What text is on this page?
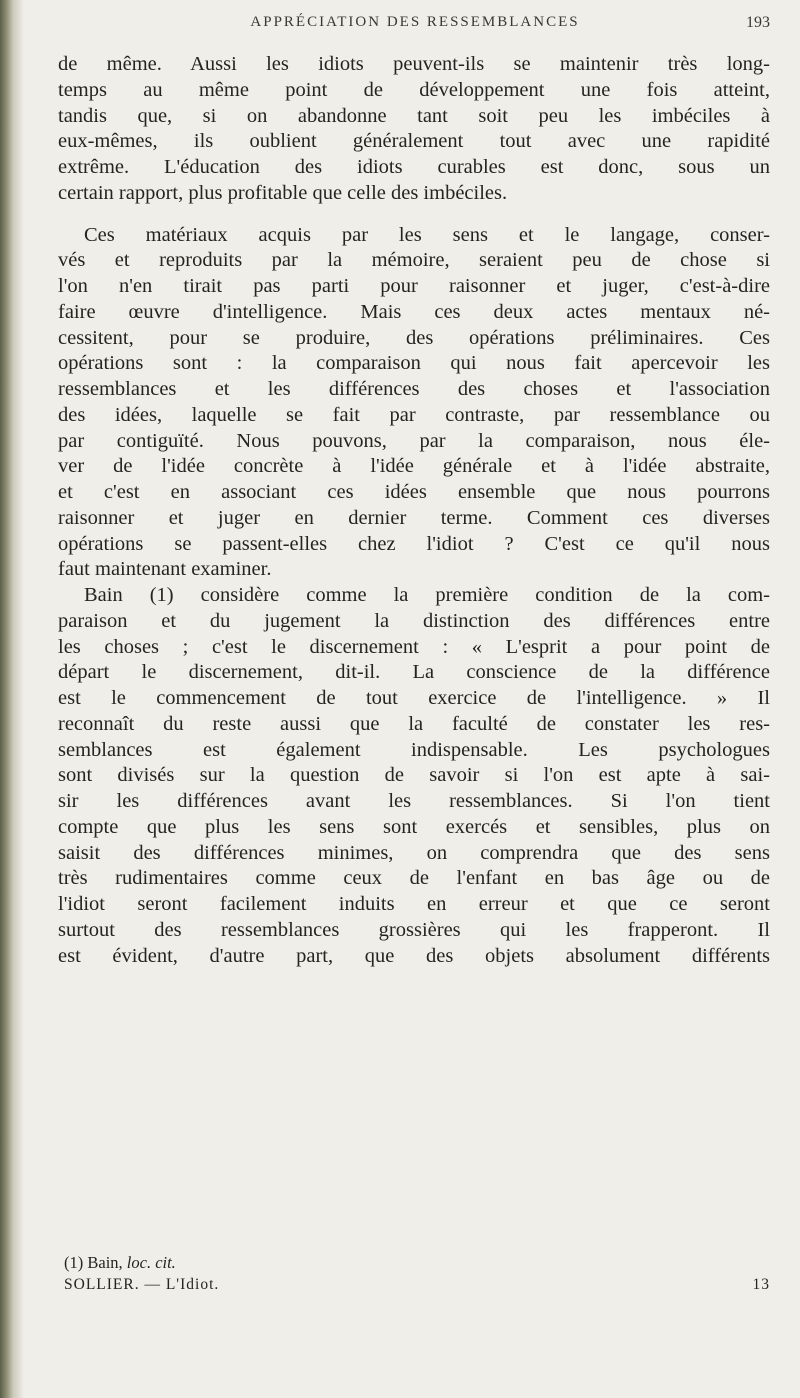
APPRÉCIATION DES RESSEMBLANCES	193
de même. Aussi les idiots peuvent-ils se maintenir très long-
temps au même point de développement une fois atteint,
tandis que, si on abandonne tant soit peu les imbéciles à
eux-mêmes, ils oublient généralement tout avec une rapidité
extrême. L'éducation des idiots curables est donc, sous un
certain rapport, plus profitable que celle des imbéciles.
Ces matériaux acquis par les sens et le langage, conser-
vés et reproduits par la mémoire, seraient peu de chose si
l'on n'en tirait pas parti pour raisonner et juger, c'est-à-dire
faire œuvre d'intelligence. Mais ces deux actes mentaux né-
cessitent, pour se produire, des opérations préliminaires. Ces
opérations sont : la comparaison qui nous fait apercevoir les
ressemblances et les différences des choses et l'association
des idées, laquelle se fait par contraste, par ressemblance ou
par contiguïté. Nous pouvons, par la comparaison, nous éle-
ver de l'idée concrète à l'idée générale et à l'idée abstraite,
et c'est en associant ces idées ensemble que nous pourrons
raisonner et juger en dernier terme. Comment ces diverses
opérations se passent-elles chez l'idiot ? C'est ce qu'il nous
faut maintenant examiner.
Bain (1) considère comme la première condition de la com-
paraison et du jugement la distinction des différences entre
les choses ; c'est le discernement : « L'esprit a pour point de
départ le discernement, dit-il. La conscience de la différence
est le commencement de tout exercice de l'intelligence. » Il
reconnaît du reste aussi que la faculté de constater les res-
semblances est également indispensable. Les psychologues
sont divisés sur la question de savoir si l'on est apte à sai-
sir les différences avant les ressemblances. Si l'on tient
compte que plus les sens sont exercés et sensibles, plus on
saisit des différences minimes, on comprendra que des sens
très rudimentaires comme ceux de l'enfant en bas âge ou de
l'idiot seront facilement induits en erreur et que ce seront
surtout des ressemblances grossières qui les frapperont. Il
est évident, d'autre part, que des objets absolument différents
(1) Bain, loc. cit.
SOLLIER. — L'Idiot.	13
